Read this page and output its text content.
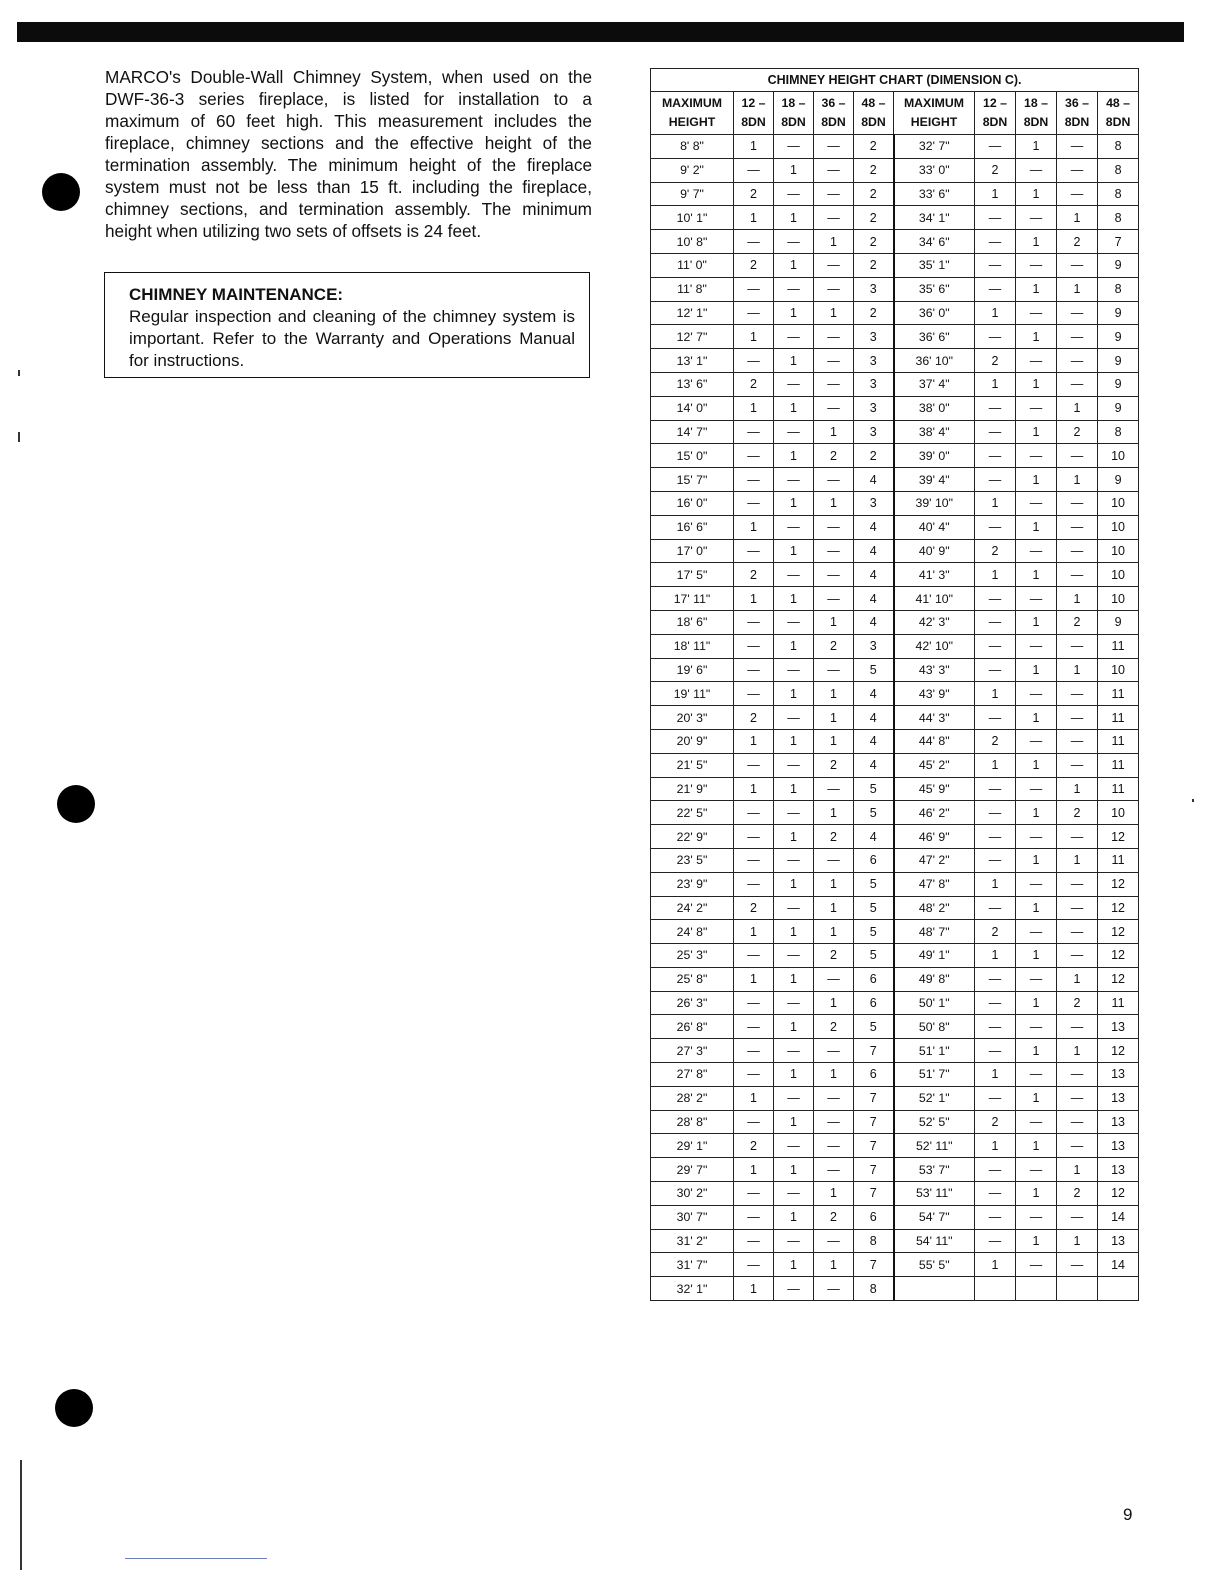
MARCO's Double-Wall Chimney System, when used on the DWF-36-3 series fireplace, is listed for installation to a maximum of 60 feet high. This measurement includes the fireplace, chimney sections and the effective height of the termination assembly. The minimum height of the fireplace system must not be less than 15 ft. including the fireplace, chimney sections, and termination assembly. The minimum height when utilizing two sets of offsets is 24 feet.

CHIMNEY MAINTENANCE:
Regular inspection and cleaning of the chimney system is important. Refer to the Warranty and Operations Manual for instructions.
CHIMNEY HEIGHT CHART (DIMENSION C).									
MAXIMUM HEIGHT	12 – 8DN	18 – 8DN	36 – 8DN	48 – 8DN	MAXIMUM HEIGHT	12 – 8DN	18 – 8DN	36 – 8DN	48 – 8DN
8' 8"	1	—	—	2	32' 7"	—	1	—	8
9' 2"	—	1	—	2	33' 0"	2	—	—	8
9' 7"	2	—	—	2	33' 6"	1	1	—	8
10' 1"	1	1	—	2	34' 1"	—	—	1	8
10' 8"	—	—	1	2	34' 6"	—	1	2	7
11' 0"	2	1	—	2	35' 1"	—	—	—	9
11' 8"	—	—	—	3	35' 6"	—	1	1	8
12' 1"	—	1	1	2	36' 0"	1	—	—	9
12' 7"	1	—	—	3	36' 6"	—	1	—	9
13' 1"	—	1	—	3	36' 10"	2	—	—	9
13' 6"	2	—	—	3	37' 4"	1	1	—	9
14' 0"	1	1	—	3	38' 0"	—	—	1	9
14' 7"	—	—	1	3	38' 4"	—	1	2	8
15' 0"	—	1	2	2	39' 0"	—	—	—	10
15' 7"	—	—	—	4	39' 4"	—	1	1	9
16' 0"	—	1	1	3	39' 10"	1	—	—	10
16' 6"	1	—	—	4	40' 4"	—	1	—	10
17' 0"	—	1	—	4	40' 9"	2	—	—	10
17' 5"	2	—	—	4	41' 3"	1	1	—	10
17' 11"	1	1	—	4	41' 10"	—	—	1	10
18' 6"	—	—	1	4	42' 3"	—	1	2	9
18' 11"	—	1	2	3	42' 10"	—	—	—	11
19' 6"	—	—	—	5	43' 3"	—	1	1	10
19' 11"	—	1	1	4	43' 9"	1	—	—	11
20' 3"	2	—	1	4	44' 3"	—	1	—	11
20' 9"	1	1	1	4	44' 8"	2	—	—	11
21' 5"	—	—	2	4	45' 2"	1	1	—	11
21' 9"	1	1	—	5	45' 9"	—	—	1	11
22' 5"	—	—	1	5	46' 2"	—	1	2	10
22' 9"	—	1	2	4	46' 9"	—	—	—	12
23' 5"	—	—	—	6	47' 2"	—	1	1	11
23' 9"	—	1	1	5	47' 8"	1	—	—	12
24' 2"	2	—	1	5	48' 2"	—	1	—	12
24' 8"	1	1	1	5	48' 7"	2	—	—	12
25' 3"	—	—	2	5	49' 1"	1	1	—	12
25' 8"	1	1	—	6	49' 8"	—	—	1	12
26' 3"	—	—	1	6	50' 1"	—	1	2	11
26' 8"	—	1	2	5	50' 8"	—	—	—	13
27' 3"	—	—	—	7	51' 1"	—	1	1	12
27' 8"	—	1	1	6	51' 7"	1	—	—	13
28' 2"	1	—	—	7	52' 1"	—	1	—	13
28' 8"	—	1	—	7	52' 5"	2	—	—	13
29' 1"	2	—	—	7	52' 11"	1	1	—	13
29' 7"	1	1	—	7	53' 7"	—	—	1	13
30' 2"	—	—	1	7	53' 11"	—	1	2	12
30' 7"	—	1	2	6	54' 7"	—	—	—	14
31' 2"	—	—	—	8	54' 11"	—	1	1	13
31' 7"	—	1	1	7	55' 5"	1	—	—	14
32' 1"	1	—	—	8					
9
